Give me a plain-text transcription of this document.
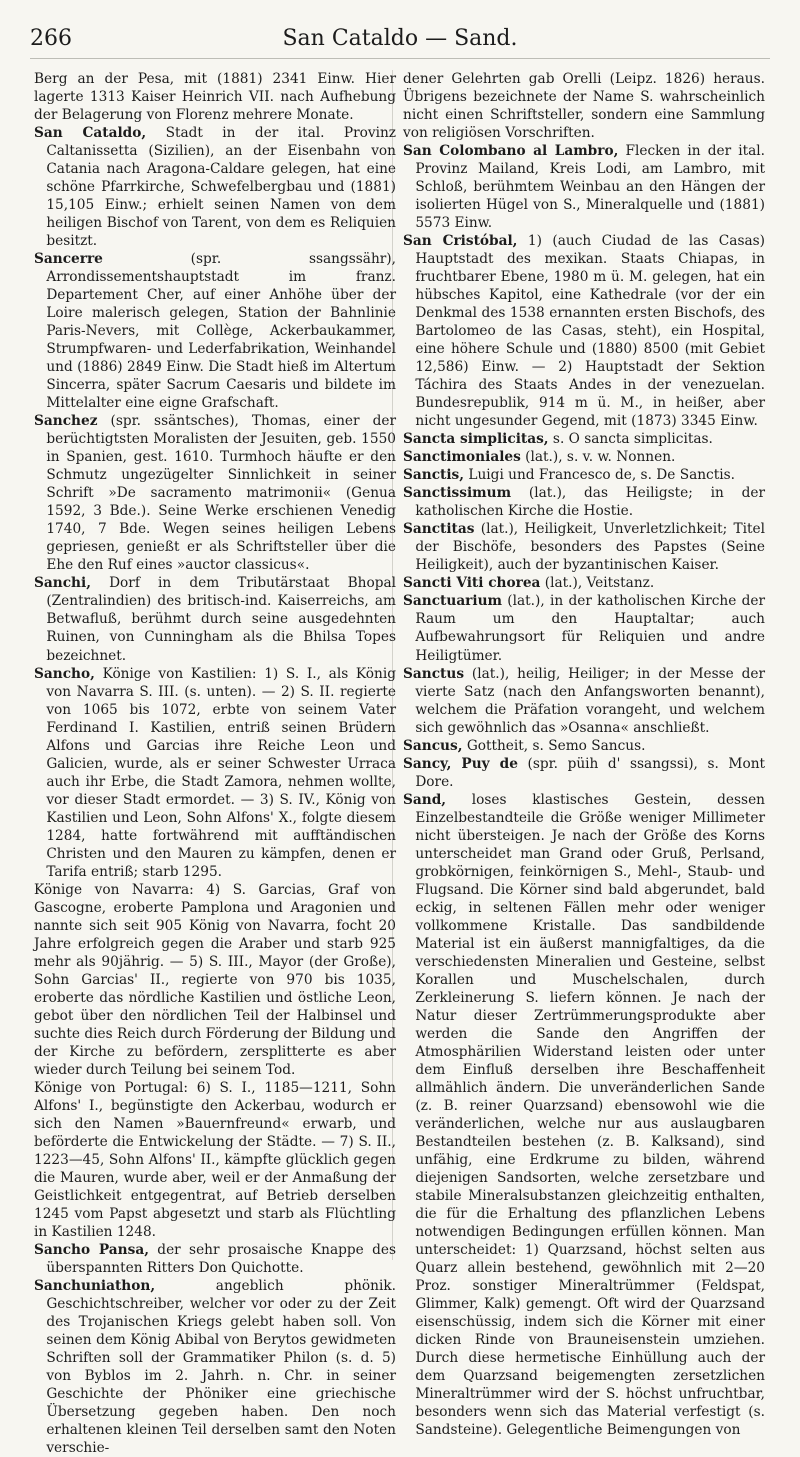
266	San Cataldo — Sand.

Berg an der Pesa, mit (1881) 2341 Einw. Hier lagerte 1313 Kaiser Heinrich VII. nach Aufhebung der Belagerung von Florenz mehrere Monate.

San Cataldo, Stadt in der ital. Provinz Caltanissetta (Sizilien), an der Eisenbahn von Catania nach Aragona-Caldare gelegen, hat eine schöne Pfarrkirche, Schwefelbergbau und (1881) 15,105 Einw.; erhielt seinen Namen von dem heiligen Bischof von Tarent, von dem es Reliquien besitzt.

Sancerre (spr. ssangssähr), Arrondissementshauptstadt im franz. Departement Cher, auf einer Anhöhe über der Loire malerisch gelegen, Station der Bahnlinie Paris-Nevers, mit Collège, Ackerbaukammer, Strumpfwaren- und Lederfabrikation, Weinhandel und (1886) 2849 Einw. Die Stadt hieß im Altertum Sincerra, später Sacrum Caesaris und bildete im Mittelalter eine eigne Grafschaft.

Sanchez (spr. ssäntsches), Thomas, einer der berüchtigtsten Moralisten der Jesuiten, geb. 1550 in Spanien, gest. 1610. Turmhoch häufte er den Schmutz ungezügelter Sinnlichkeit in seiner Schrift »De sacramento matrimonii« (Genua 1592, 3 Bde.). Seine Werke erschienen Venedig 1740, 7 Bde. Wegen seines heiligen Lebens gepriesen, genießt er als Schriftsteller über die Ehe den Ruf eines »auctor classicus«.

Sanchi, Dorf in dem Tributärstaat Bhopal (Zentralindien) des britisch-ind. Kaiserreichs, am Betwafluß, berühmt durch seine ausgedehnten Ruinen, von Cunningham als die Bhilsa Topes bezeichnet.

Sancho, Könige von Kastilien: 1) S. I., als König von Navarra S. III. (s. unten). — 2) S. II. regierte von 1065 bis 1072, erbte von seinem Vater Ferdinand I. Kastilien, entriß seinen Brüdern Alfons und Garcias ihre Reiche Leon und Galicien, wurde, als er seiner Schwester Urraca auch ihr Erbe, die Stadt Zamora, nehmen wollte, vor dieser Stadt ermordet. — 3) S. IV., König von Kastilien und Leon, Sohn Alfons' X., folgte diesem 1284, hatte fortwährend mit aufftändischen Christen und den Mauren zu kämpfen, denen er Tarifa entriß; starb 1295.

Könige von Navarra: 4) S. Garcias, Graf von Gascogne, eroberte Pamplona und Aragonien und nannte sich seit 905 König von Navarra, focht 20 Jahre erfolgreich gegen die Araber und starb 925 mehr als 90jährig. — 5) S. III., Mayor (der Große), Sohn Garcias' II., regierte von 970 bis 1035, eroberte das nördliche Kastilien und östliche Leon, gebot über den nördlichen Teil der Halbinsel und suchte dies Reich durch Förderung der Bildung und der Kirche zu befördern, zersplitterte es aber wieder durch Teilung bei seinem Tod.

Könige von Portugal: 6) S. I., 1185—1211, Sohn Alfons' I., begünstigte den Ackerbau, wodurch er sich den Namen »Bauernfreund« erwarb, und beförderte die Entwickelung der Städte. — 7) S. II., 1223—45, Sohn Alfons' II., kämpfte glücklich gegen die Mauren, wurde aber, weil er der Anmaßung der Geistlichkeit entgegentrat, auf Betrieb derselben 1245 vom Papst abgesetzt und starb als Flüchtling in Kastilien 1248.

Sancho Pansa, der sehr prosaische Knappe des überspannten Ritters Don Quichotte.

Sanchuniathon, angeblich phönik. Geschichtschreiber, welcher vor oder zu der Zeit des Trojanischen Kriegs gelebt haben soll. Von seinen dem König Abibal von Berytos gewidmeten Schriften soll der Grammatiker Philon (s. d. 5) von Byblos im 2. Jahrh. n. Chr. in seiner Geschichte der Phöniker eine griechische Übersetzung gegeben haben. Den noch erhaltenen kleinen Teil derselben samt den Noten verschie-

dener Gelehrten gab Orelli (Leipz. 1826) heraus. Übrigens bezeichnete der Name S. wahrscheinlich nicht einen Schriftsteller, sondern eine Sammlung von religiösen Vorschriften.

San Colombano al Lambro, Flecken in der ital. Provinz Mailand, Kreis Lodi, am Lambro, mit Schloß, berühmtem Weinbau an den Hängen der isolierten Hügel von S., Mineralquelle und (1881) 5573 Einw.

San Cristóbal, 1) (auch Ciudad de las Casas) Hauptstadt des mexikan. Staats Chiapas, in fruchtbarer Ebene, 1980 m ü. M. gelegen, hat ein hübsches Kapitol, eine Kathedrale (vor der ein Denkmal des 1538 ernannten ersten Bischofs, des Bartolomeo de las Casas, steht), ein Hospital, eine höhere Schule und (1880) 8500 (mit Gebiet 12,586) Einw. — 2) Hauptstadt der Sektion Táchira des Staats Andes in der venezuelan. Bundesrepublik, 914 m ü. M., in heißer, aber nicht ungesunder Gegend, mit (1873) 3345 Einw.

Sancta simplicitas, s. O sancta simplicitas.

Sanctimoniales (lat.), s. v. w. Nonnen.

Sanctis, Luigi und Francesco de, s. De Sanctis.

Sanctissimum (lat.), das Heiligste; in der katholischen Kirche die Hostie.

Sanctitas (lat.), Heiligkeit, Unverletzlichkeit; Titel der Bischöfe, besonders des Papstes (Seine Heiligkeit), auch der byzantinischen Kaiser.

Sancti Viti chorea (lat.), Veitstanz.

Sanctuarium (lat.), in der katholischen Kirche der Raum um den Hauptaltar; auch Aufbewahrungsort für Reliquien und andre Heiligtümer.

Sanctus (lat.), heilig, Heiliger; in der Messe der vierte Satz (nach den Anfangsworten benannt), welchem die Präfation vorangeht, und welchem sich gewöhnlich das »Osanna« anschließt.

Sancus, Gottheit, s. Semo Sancus.

Sancy, Puy de (spr. püih d' ssangssi), s. Mont Dore.

Sand, loses klastisches Gestein, dessen Einzelbestandteile die Größe weniger Millimeter nicht übersteigen. Je nach der Größe des Korns unterscheidet man Grand oder Gruß, Perlsand, grobkörnigen, feinkörnigen S., Mehl-, Staub- und Flugsand. Die Körner sind bald abgerundet, bald eckig, in seltenen Fällen mehr oder weniger vollkommene Kristalle. Das sandbildende Material ist ein äußerst mannigfaltiges, da die verschiedensten Mineralien und Gesteine, selbst Korallen und Muschelschalen, durch Zerkleinerung S. liefern können. Je nach der Natur dieser Zertrümmerungsprodukte aber werden die Sande den Angriffen der Atmosphärilien Widerstand leisten oder unter dem Einfluß derselben ihre Beschaffenheit allmählich ändern. Die unveränderlichen Sande (z. B. reiner Quarzsand) ebensowohl wie die veränderlichen, welche nur aus auslaugbaren Bestandteilen bestehen (z. B. Kalksand), sind unfähig, eine Erdkrume zu bilden, während diejenigen Sandsorten, welche zersetzbare und stabile Mineralsubstanzen gleichzeitig enthalten, die für die Erhaltung des pflanzlichen Lebens notwendigen Bedingungen erfüllen können. Man unterscheidet: 1) Quarzsand, höchst selten aus Quarz allein bestehend, gewöhnlich mit 2—20 Proz. sonstiger Mineraltrümmer (Feldspat, Glimmer, Kalk) gemengt. Oft wird der Quarzsand eisenschüssig, indem sich die Körner mit einer dicken Rinde von Brauneisenstein umziehen. Durch diese hermetische Einhüllung auch der dem Quarzsand beigemengten zersetzlichen Mineraltrümmer wird der S. höchst unfruchtbar, besonders wenn sich das Material verfestigt (s. Sandsteine). Gelegentliche Beimengungen von
